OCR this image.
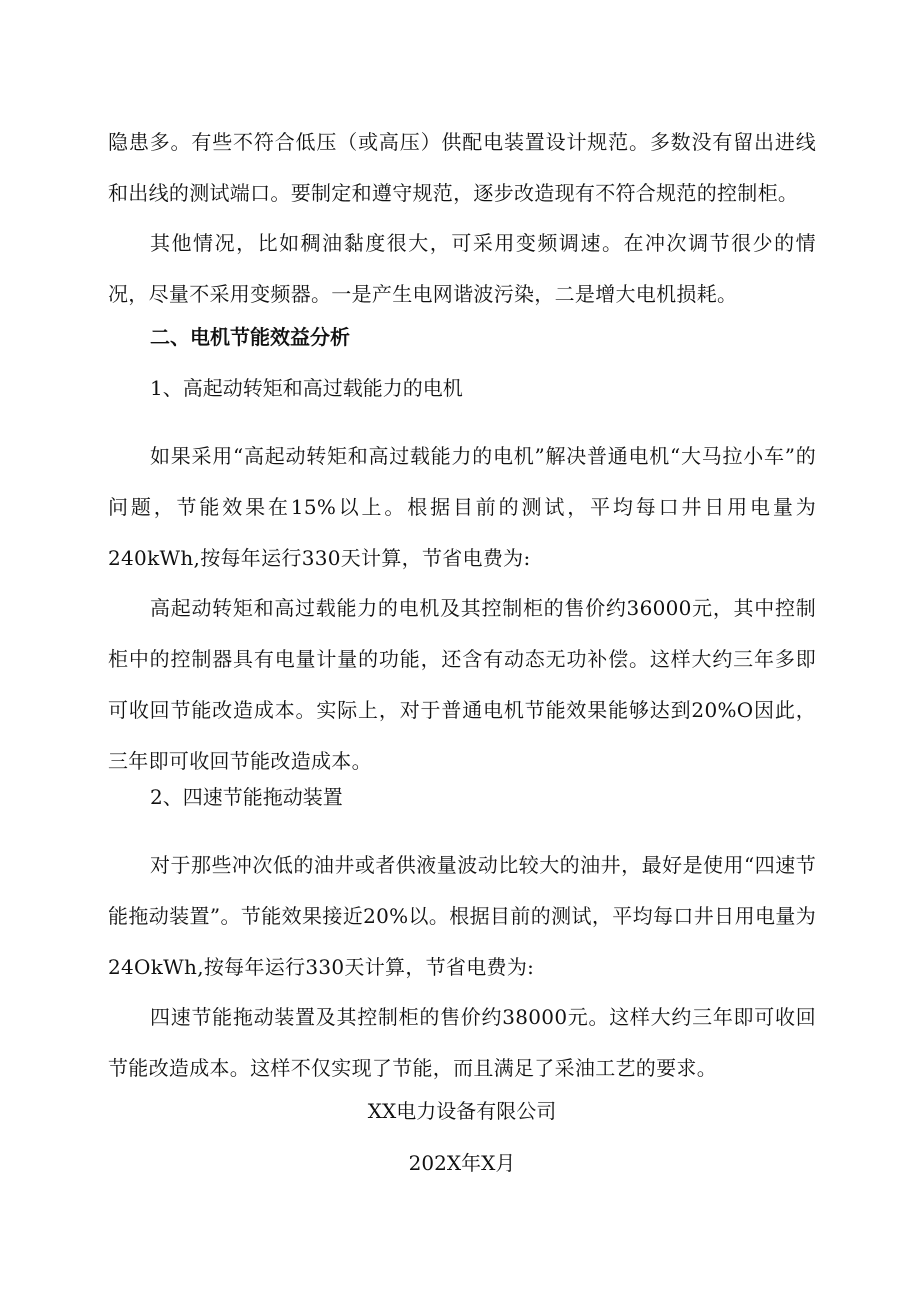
隐患多。有些不符合低压（或高压）供配电装置设计规范。多数没有留出进线和出线的测试端口。要制定和遵守规范，逐步改造现有不符合规范的控制柜。

其他情况，比如稠油黏度很大，可采用变频调速。在冲次调节很少的情况，尽量不采用变频器。一是产生电网谐波污染，二是增大电机损耗。

二、电机节能效益分析

1、高起动转矩和高过载能力的电机

如果采用“高起动转矩和高过载能力的电机”解决普通电机“大马拉小车”的问题，节能效果在15%以上。根据目前的测试，平均每口井日用电量为240kWh,按每年运行330天计算，节省电费为:

高起动转矩和高过载能力的电机及其控制柜的售价约36000元，其中控制柜中的控制器具有电量计量的功能，还含有动态无功补偿。这样大约三年多即可收回节能改造成本。实际上，对于普通电机节能效果能够达到20%O因此，三年即可收回节能改造成本。

2、四速节能拖动装置

对于那些冲次低的油井或者供液量波动比较大的油井，最好是使用“四速节能拖动装置”。节能效果接近20%以。根据目前的测试，平均每口井日用电量为24OkWh,按每年运行330天计算，节省电费为:

四速节能拖动装置及其控制柜的售价约38000元。这样大约三年即可收回节能改造成本。这样不仅实现了节能，而且满足了采油工艺的要求。

XX电力设备有限公司

202X年X月
